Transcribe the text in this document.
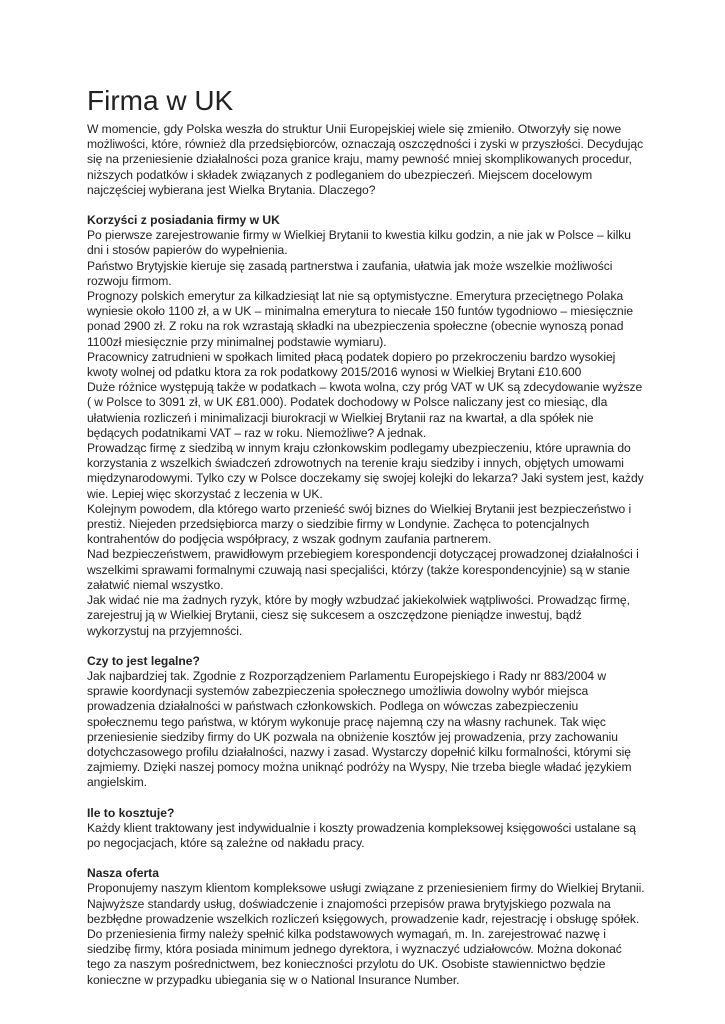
Firma w UK

W momencie, gdy Polska weszła do struktur Unii Europejskiej wiele się zmieniło. Otworzyły się nowe możliwości, które, również dla przedsiębiorców, oznaczają oszczędności i zyski w przyszłości. Decydując się na przeniesienie działalności poza granice kraju, mamy pewność mniej skomplikowanych procedur, niższych podatków i składek związanych z podleganiem do ubezpieczeń. Miejscem docelowym najczęściej wybierana jest Wielka Brytania. Dlaczego?

Korzyści z posiadania firmy w UK

Po pierwsze zarejestrowanie firmy w Wielkiej Brytanii to kwestia kilku godzin, a nie jak w Polsce – kilku dni i stosów papierów do wypełnienia.

Państwo Brytyjskie kieruje się zasadą partnerstwa i zaufania, ułatwia jak może wszelkie możliwości rozwoju firmom.

Prognozy polskich emerytur za kilkadziesiąt lat nie są optymistyczne. Emerytura przeciętnego Polaka wyniesie około 1100 zł, a w UK – minimalna emerytura to niecałe 150 funtów tygodniowo – miesięcznie ponad 2900 zł. Z roku na rok wzrastają składki na ubezpieczenia społeczne (obecnie wynoszą ponad 1100zł miesięcznie przy minimalnej podstawie wymiaru).

Pracownicy zatrudnieni w społkach limited płacą podatek dopiero po przekroczeniu bardzo wysokiej kwoty wolnej od pdatku ktora za rok podatkowy 2015/2016 wynosi w Wielkiej Brytani £10.600

Duże różnice występują także w podatkach – kwota wolna, czy próg VAT w UK są zdecydowanie wyższe ( w Polsce to 3091 zł, w UK £81.000). Podatek dochodowy w Polsce naliczany jest co miesiąc, dla ułatwienia rozliczeń i minimalizacji biurokracji w Wielkiej Brytanii raz na kwartał, a dla spółek nie będących podatnikami VAT – raz w roku. Niemożliwe? A jednak.

Prowadząc firmę z siedzibą w innym kraju członkowskim podlegamy ubezpieczeniu, które uprawnia do korzystania z wszelkich świadczeń zdrowotnych na terenie kraju siedziby i innych, objętych umowami międzynarodowymi. Tylko czy w Polsce doczekamy się swojej kolejki do lekarza? Jaki system jest, każdy wie. Lepiej więc skorzystać z leczenia w UK.

Kolejnym powodem, dla którego warto przenieść swój biznes do Wielkiej Brytanii jest bezpieczeństwo i prestiż. Niejeden przedsiębiorca marzy o siedzibie firmy w Londynie. Zachęca to potencjalnych kontrahentów do podjęcia współpracy, z wszak godnym zaufania partnerem.

Nad bezpieczeństwem, prawidłowym przebiegiem korespondencji dotyczącej prowadzonej działalności i wszelkimi sprawami formalnymi czuwają nasi specjaliści, którzy (także korespondencyjnie) są w stanie załatwić niemal wszystko.

Jak widać nie ma żadnych ryzyk, które by mogły wzbudzać jakiekolwiek wątpliwości. Prowadząc firmę, zarejestruj ją w Wielkiej Brytanii, ciesz się sukcesem a oszczędzone pieniądze inwestuj, bądź wykorzystuj na przyjemności.

Czy to jest legalne?

Jak najbardziej tak. Zgodnie z Rozporządzeniem Parlamentu Europejskiego i Rady nr 883/2004 w sprawie koordynacji systemów zabezpieczenia społecznego umożliwia dowolny wybór miejsca prowadzenia działalności w państwach członkowskich. Podlega on wówczas zabezpieczeniu społecznemu tego państwa, w którym wykonuje pracę najemną czy na własny rachunek. Tak więc przeniesienie siedziby firmy do UK pozwala na obniżenie kosztów jej prowadzenia, przy zachowaniu dotychczasowego profilu działalności, nazwy i zasad. Wystarczy dopełnić kilku formalności, którymi się zajmiemy. Dzięki naszej pomocy można uniknąć podróży na Wyspy, Nie trzeba biegle władać językiem angielskim.

Ile to kosztuje?

Każdy klient traktowany jest indywidualnie i koszty prowadzenia kompleksowej księgowości ustalane są po negocjacjach, które są zależne od nakładu pracy.

Nasza oferta

Proponujemy naszym klientom kompleksowe usługi związane z przeniesieniem firmy do Wielkiej Brytanii. Najwyższe standardy usług, doświadczenie i znajomości przepisów prawa brytyjskiego pozwala na bezbłędne prowadzenie wszelkich rozliczeń księgowych, prowadzenie kadr, rejestrację i obsługę spółek. Do przeniesienia firmy należy spełnić kilka podstawowych wymagań, m. In. zarejestrować nazwę i siedzibę firmy, która posiada minimum jednego dyrektora, i wyznaczyć udziałowców. Można dokonać tego za naszym pośrednictwem, bez konieczności przylotu do UK. Osobiste stawiennictwo będzie konieczne w przypadku ubiegania się w o National Insurance Number.
